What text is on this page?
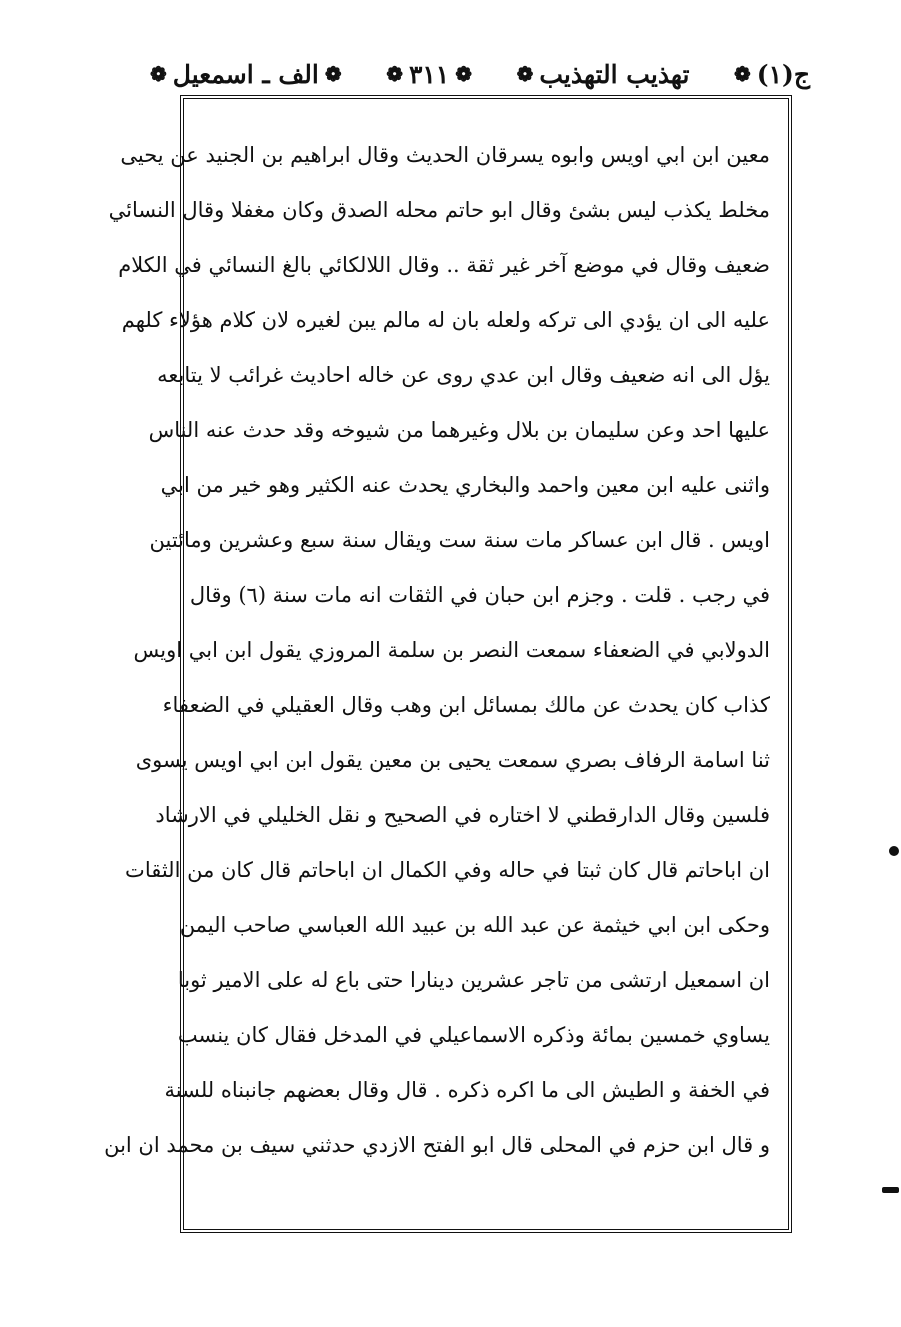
ج(١)
❁
تهذيب التهذيب
❁
❁
٣١١
❁
❁
الف ـ اسمعيل
❁
معين ابن ابي اويس وابوه يسرقان الحديث وقال ابراهيم بن الجنيد عن يحيى
مخلط يكذب ليس بشئ وقال ابو حاتم محله الصدق وكان مغفلا وقال النسائي
ضعيف وقال في موضع آخر غير ثقة .. وقال اللالكائي بالغ النسائي في الكلام
عليه الى ان يؤدي الى تركه ولعله بان له مالم يبن لغيره لان كلام هؤلاء كلهم
يؤل الى انه ضعيف وقال ابن عدي روى عن خاله احاديث غرائب لا يتابعه
عليها احد وعن سليمان بن بلال وغيرهما من شيوخه وقد حدث عنه الناس
واثنى عليه ابن معين واحمد والبخاري يحدث عنه الكثير وهو خير من ابي
اويس . قال ابن عساكر مات سنة ست ويقال سنة سبع وعشرين ومائتين
في رجب . قلت . وجزم ابن حبان في الثقات انه مات سنة (٦) وقال
الدولابي في الضعفاء سمعت النصر بن سلمة المروزي يقول ابن ابي اويس
كذاب كان يحدث عن مالك بمسائل ابن وهب وقال العقيلي في الضعفاء
ثنا اسامة الرفاف بصري سمعت يحيى بن معين يقول ابن ابي اويس يسوى
فلسين وقال الدارقطني لا اختاره في الصحيح و نقل الخليلي في الارشاد
ان اباحاتم قال كان ثبتا في حاله وفي الكمال ان اباحاتم قال كان من الثقات
وحكى ابن ابي خيثمة عن عبد الله بن عبيد الله العباسي صاحب اليمن
ان اسمعيل ارتشى من تاجر عشرين دينارا حتى باع له على الامير ثوبا
يساوي خمسين بمائة وذكره الاسماعيلي في المدخل فقال كان ينسب
في الخفة و الطيش الى ما اكره ذكره . قال وقال بعضهم جانبناه للسنة
و قال ابن حزم في المحلى قال ابو الفتح الازدي حدثني سيف بن محمد ان ابن
